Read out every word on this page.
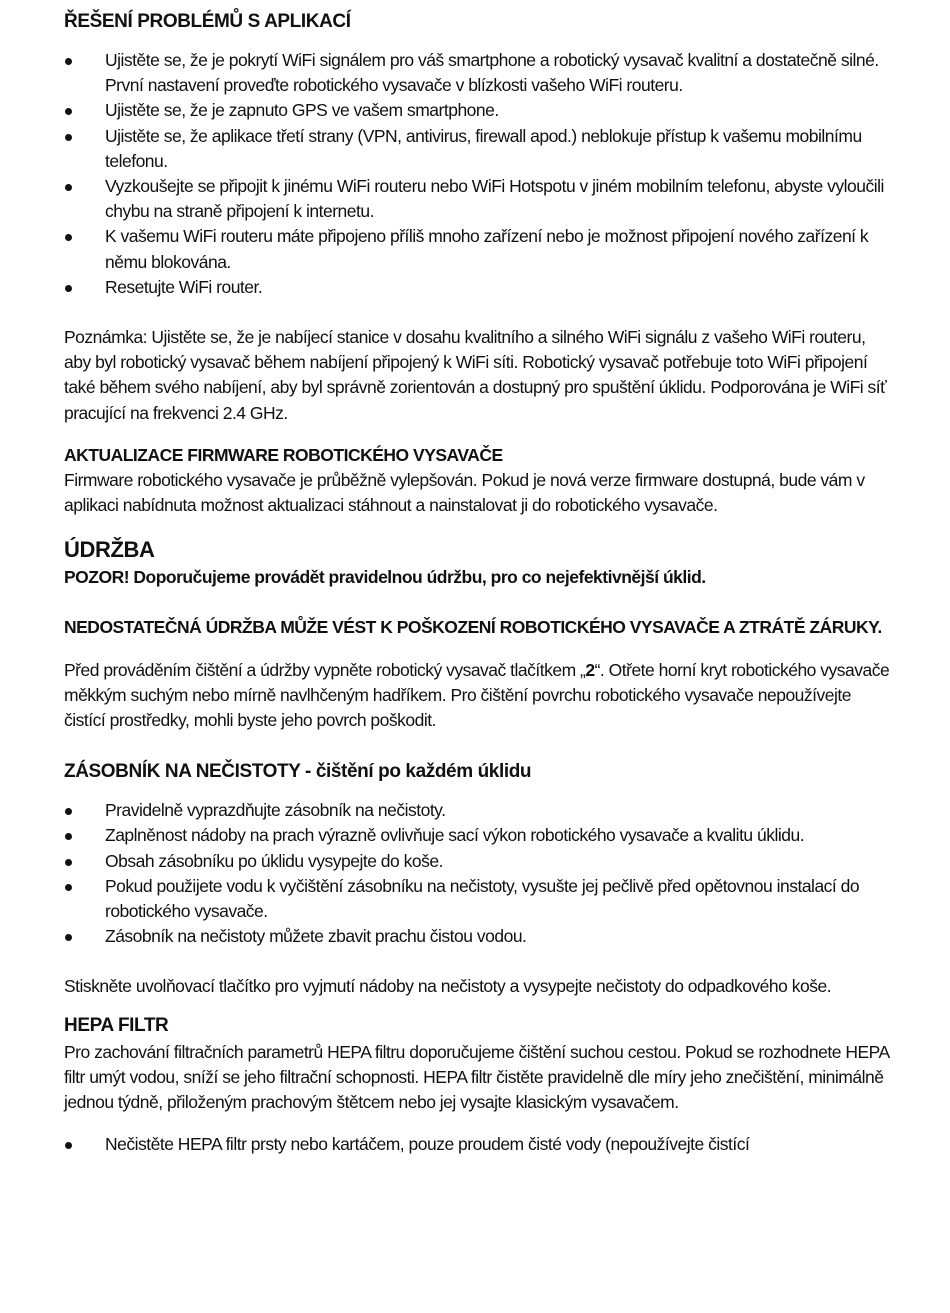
ŘEŠENÍ PROBLÉMŮ S APLIKACÍ
Ujistěte se, že je pokrytí WiFi signálem pro váš smartphone a robotický vysavač kvalitní a dostatečně silné. První nastavení proveďte robotického vysavače v blízkosti vašeho WiFi routeru.
Ujistěte se, že je zapnuto GPS ve vašem smartphone.
Ujistěte se, že aplikace třetí strany (VPN, antivirus, firewall apod.) neblokuje přístup k vašemu mobilnímu telefonu.
Vyzkoušejte se připojit k jinému WiFi routeru nebo WiFi Hotspotu v jiném mobilním telefonu, abyste vyloučili chybu na straně připojení k internetu.
K vašemu WiFi routeru máte připojeno příliš mnoho zařízení nebo je možnost připojení nového zařízení k němu blokována.
Resetujte WiFi router.

Poznámka: Ujistěte se, že je nabíjecí stanice v dosahu kvalitního a silného WiFi signálu z vašeho WiFi routeru, aby byl robotický vysavač během nabíjení připojený k WiFi síti. Robotický vysavač potřebuje toto WiFi připojení také během svého nabíjení, aby byl správně zorientován a dostupný pro spuštění úklidu. Podporována je WiFi síť pracující na frekvenci 2.4 GHz.

AKTUALIZACE FIRMWARE ROBOTICKÉHO VYSAVAČE

Firmware robotického vysavače je průběžně vylepšován. Pokud je nová verze firmware dostupná, bude vám v aplikaci nabídnuta možnost aktualizaci stáhnout a nainstalovat ji do robotického vysavače.

ÚDRŽBA

POZOR! Doporučujeme provádět pravidelnou údržbu, pro co nejefektivnější úklid.

NEDOSTATEČNÁ ÚDRŽBA MŮŽE VÉST K POŠKOZENÍ ROBOTICKÉHO VYSAVAČE A ZTRÁTĚ ZÁRUKY.

Před prováděním čištění a údržby vypněte robotický vysavač tlačítkem „2“. Otřete horní kryt robotického vysavače měkkým suchým nebo mírně navlhčeným hadříkem. Pro čištění povrchu robotického vysavače nepoužívejte čistící prostředky, mohli byste jeho povrch poškodit.

ZÁSOBNÍK NA NEČISTOTY - čištění po každém úklidu
Pravidelně vyprazdňujte zásobník na nečistoty.
Zaplněnost nádoby na prach výrazně ovlivňuje sací výkon robotického vysavače a kvalitu úklidu.
Obsah zásobníku po úklidu vysypejte do koše.
Pokud použijete vodu k vyčištění zásobníku na nečistoty, vysušte jej pečlivě před opětovnou instalací do robotického vysavače.
Zásobník na nečistoty můžete zbavit prachu čistou vodou.

Stiskněte uvolňovací tlačítko pro vyjmutí nádoby na nečistoty a vysypejte nečistoty do odpadkového koše.

HEPA FILTR

Pro zachování filtračních parametrů HEPA filtru doporučujeme čištění suchou cestou. Pokud se rozhodnete HEPA filtr umýt vodou, sníží se jeho filtrační schopnosti. HEPA filtr čistěte pravidelně dle míry jeho znečištění, minimálně jednou týdně, přiloženým prachovým štětcem nebo jej vysajte klasickým vysavačem.

Nečistěte HEPA filtr prsty nebo kartáčem, pouze proudem čisté vody (nepoužívejte čistící
